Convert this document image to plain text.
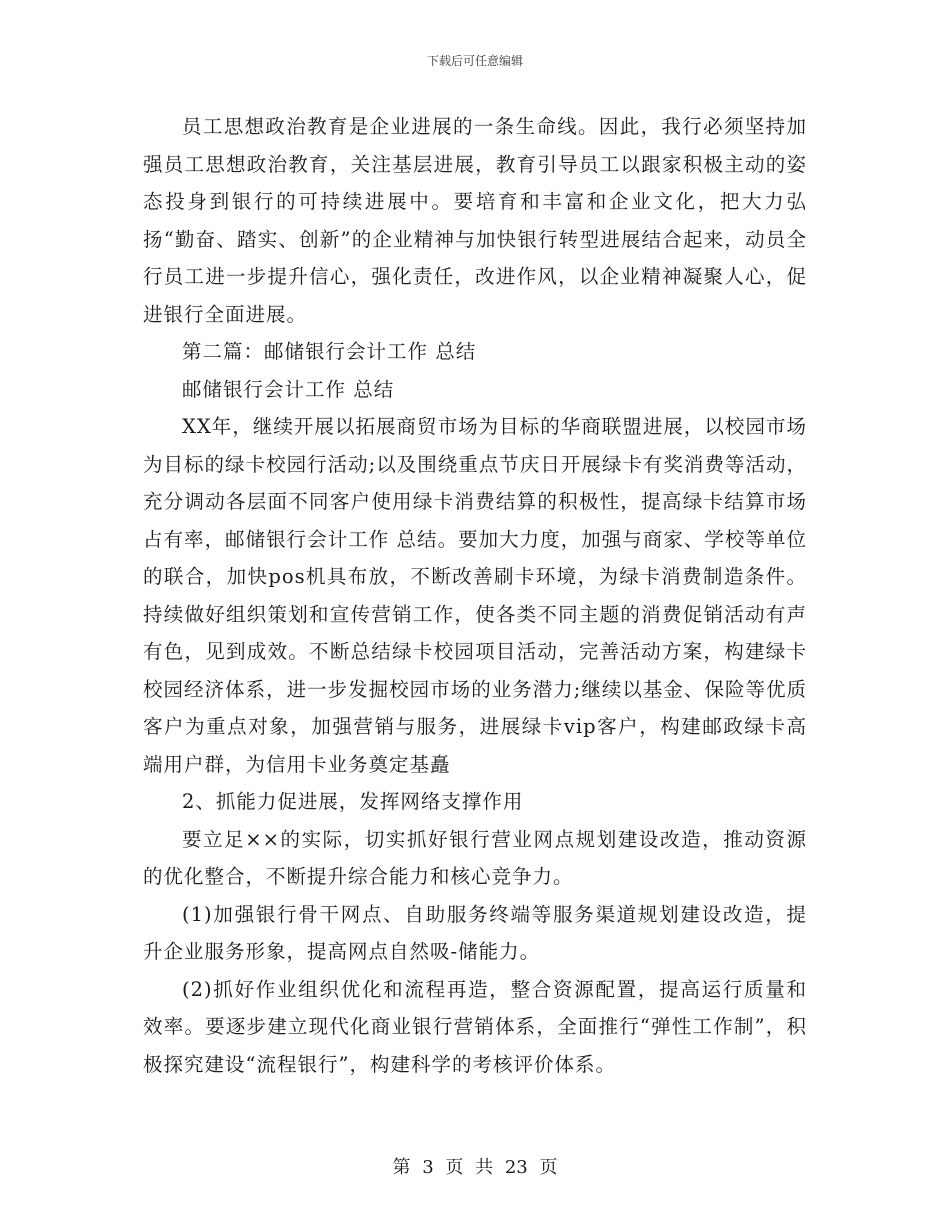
下载后可任意编辑

员工思想政治教育是企业进展的一条生命线。因此，我行必须坚持加强员工思想政治教育，关注基层进展，教育引导员工以跟家积极主动的姿态投身到银行的可持续进展中。要培育和丰富和企业文化，把大力弘扬“勤奋、踏实、创新”的企业精神与加快银行转型进展结合起来，动员全行员工进一步提升信心，强化责任，改进作风，以企业精神凝聚人心，促进银行全面进展。

第二篇：邮储银行会计工作 总结

邮储银行会计工作 总结

XX年，继续开展以拓展商贸市场为目标的华商联盟进展，以校园市场为目标的绿卡校园行活动;以及围绕重点节庆日开展绿卡有奖消费等活动，充分调动各层面不同客户使用绿卡消费结算的积极性，提高绿卡结算市场占有率，邮储银行会计工作 总结。要加大力度，加强与商家、学校等单位的联合，加快pos机具布放，不断改善刷卡环境，为绿卡消费制造条件。持续做好组织策划和宣传营销工作，使各类不同主题的消费促销活动有声有色，见到成效。不断总结绿卡校园项目活动，完善活动方案，构建绿卡校园经济体系，进一步发掘校园市场的业务潜力;继续以基金、保险等优质客户为重点对象，加强营销与服务，进展绿卡vip客户，构建邮政绿卡高端用户群，为信用卡业务奠定基矗

2、抓能力促进展，发挥网络支撑作用

要立足××的实际，切实抓好银行营业网点规划建设改造，推动资源的优化整合，不断提升综合能力和核心竞争力。

(1)加强银行骨干网点、自助服务终端等服务渠道规划建设改造，提升企业服务形象，提高网点自然吸-储能力。

(2)抓好作业组织优化和流程再造，整合资源配置，提高运行质量和效率。要逐步建立现代化商业银行营销体系，全面推行“弹性工作制”，积极探究建设“流程银行”，构建科学的考核评价体系。

第 3 页 共 23 页
